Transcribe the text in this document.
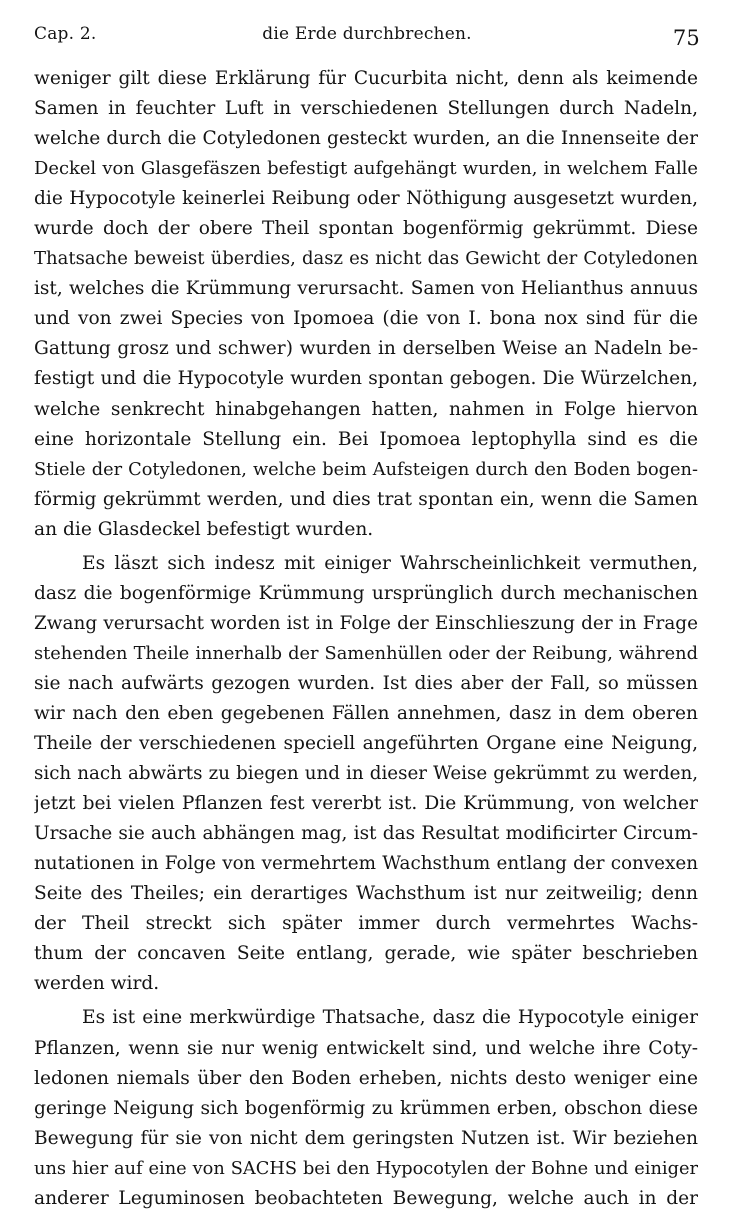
Cap. 2.	die Erde durchbrechen.	75
weniger gilt diese Erklärung für Cucurbita nicht, denn als keimende
Samen in feuchter Luft in verschiedenen Stellungen durch Nadeln,
welche durch die Cotyledonen gesteckt wurden, an die Innenseite der
Deckel von Glasgefäszen befestigt aufgehängt wurden, in welchem Falle
die Hypocotyle keinerlei Reibung oder Nöthigung ausgesetzt wurden,
wurde doch der obere Theil spontan bogenförmig gekrümmt. Diese
Thatsache beweist überdies, dasz es nicht das Gewicht der Cotyledonen
ist, welches die Krümmung verursacht. Samen von Helianthus annuus
und von zwei Species von Ipomoea (die von I. bona nox sind für die
Gattung grosz und schwer) wurden in derselben Weise an Nadeln be-
festigt und die Hypocotyle wurden spontan gebogen. Die Würzelchen,
welche senkrecht hinabgehangen hatten, nahmen in Folge hiervon
eine horizontale Stellung ein. Bei Ipomoea leptophylla sind es die
Stiele der Cotyledonen, welche beim Aufsteigen durch den Boden bogen-
förmig gekrümmt werden, und dies trat spontan ein, wenn die Samen
an die Glasdeckel befestigt wurden.
Es läszt sich indesz mit einiger Wahrscheinlichkeit vermuthen,
dasz die bogenförmige Krümmung ursprünglich durch mechanischen
Zwang verursacht worden ist in Folge der Einschlieszung der in Frage
stehenden Theile innerhalb der Samenhüllen oder der Reibung, während
sie nach aufwärts gezogen wurden. Ist dies aber der Fall, so müssen
wir nach den eben gegebenen Fällen annehmen, dasz in dem oberen
Theile der verschiedenen speciell angeführten Organe eine Neigung,
sich nach abwärts zu biegen und in dieser Weise gekrümmt zu werden,
jetzt bei vielen Pflanzen fest vererbt ist. Die Krümmung, von welcher
Ursache sie auch abhängen mag, ist das Resultat modificirter Circum-
nutationen in Folge von vermehrtem Wachsthum entlang der convexen
Seite des Theiles; ein derartiges Wachsthum ist nur zeitweilig; denn
der Theil streckt sich später immer durch vermehrtes Wachs-
thum der concaven Seite entlang, gerade, wie später beschrieben
werden wird.
Es ist eine merkwürdige Thatsache, dasz die Hypocotyle einiger
Pflanzen, wenn sie nur wenig entwickelt sind, und welche ihre Coty-
ledonen niemals über den Boden erheben, nichts desto weniger eine
geringe Neigung sich bogenförmig zu krümmen erben, obschon diese
Bewegung für sie von nicht dem geringsten Nutzen ist. Wir beziehen
uns hier auf eine von SACHS bei den Hypocotylen der Bohne und einiger
anderer Leguminosen beobachteten Bewegung, welche auch in der
